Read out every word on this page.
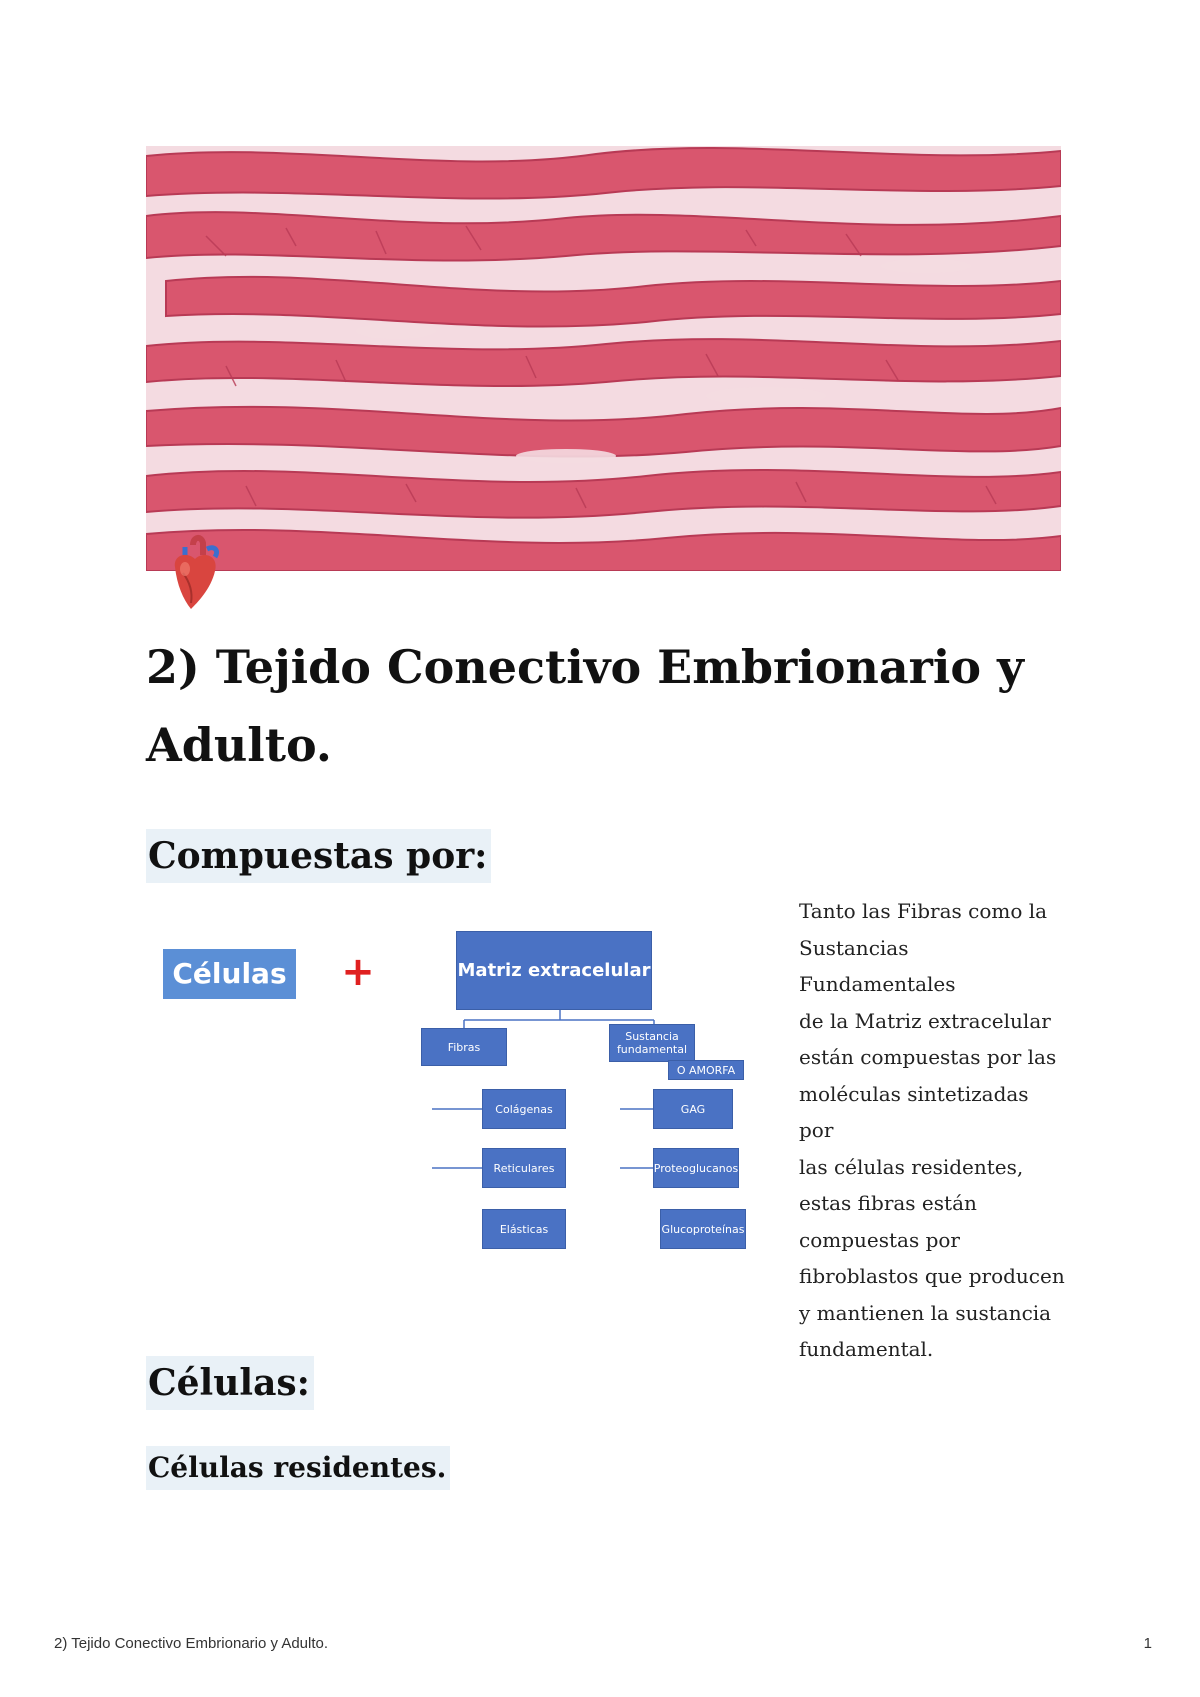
2) Tejido Conectivo Embrionario y Adulto.
Compuestas por:
Células +	Matriz extracelular
Fibras
Sustancia fundamental
O AMORFA
Colágenas
Reticulares
Elásticas
GAG
Proteoglucanos
Glucoproteínas
Tanto las Fibras como la
Sustancias Fundamentales
de la Matriz extracelular
están compuestas por las
moléculas sintetizadas por
las células residentes,
estas fibras están
compuestas por
fibroblastos que producen
y mantienen la sustancia
fundamental.
Células:
Células residentes.
2) Tejido Conectivo Embrionario y Adulto.	1
